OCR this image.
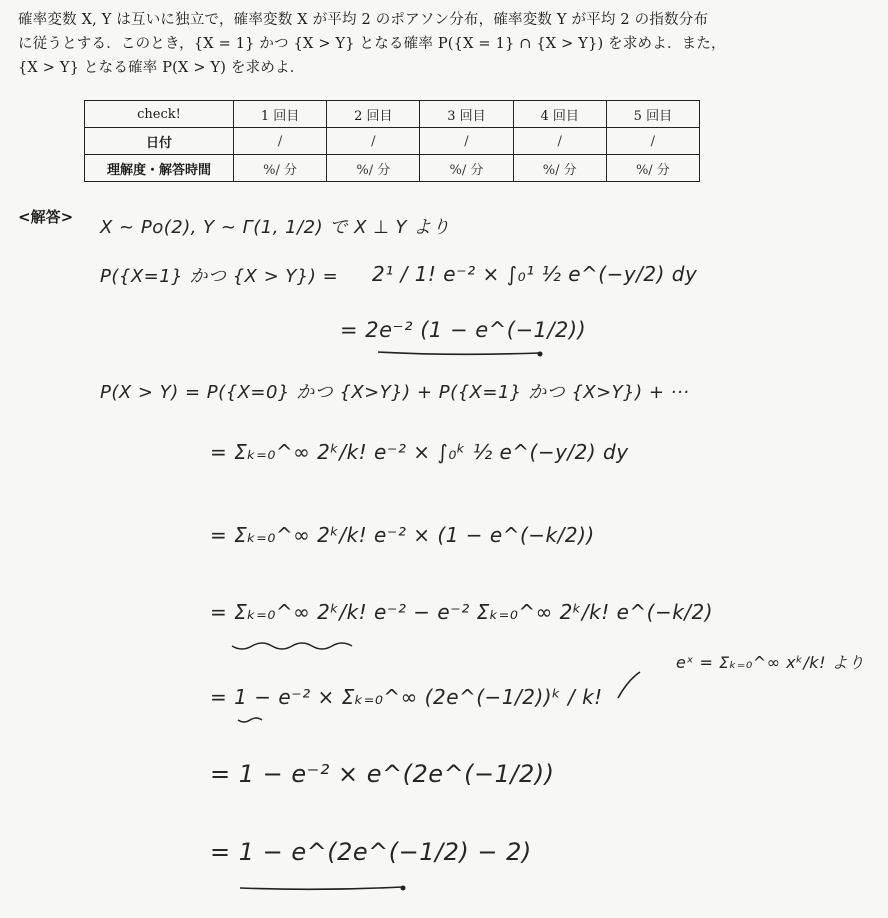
確率変数 X, Y は互いに独立で，確率変数 X が平均 2 のポアソン分布，確率変数 Y が平均 2 の指数分布
に従うとする．このとき，{X = 1} かつ {X > Y} となる確率 P({X = 1} ∩ {X > Y}) を求めよ．また，
{X > Y} となる確率 P(X > Y) を求めよ．
check!	1 回目	2 回目	3 回目	4 回目	5 回目
日付	/	/	/	/	/
理解度・解答時間	%/ 分	%/ 分	%/ 分	%/ 分	%/ 分
<解答> X ~ Po(2), Y ~ Γ(1, 1/2) で X ⊥ Y より
P({X=1} かつ {X > Y}) = 2¹ / 1! e⁻² × ∫₀¹ ½ e^(−y/2) dy
= 2e⁻² (1 − e^(−1/2))
P(X > Y) = P({X=0} かつ {X>Y}) + P({X=1} かつ {X>Y}) + ···
= Σₖ₌₀^∞ 2ᵏ/k! e⁻² × ∫₀ᵏ ½ e^(−y/2) dy
= Σₖ₌₀^∞ 2ᵏ/k! e⁻² × (1 − e^(−k/2))
= Σₖ₌₀^∞ 2ᵏ/k! e⁻² − e⁻² Σₖ₌₀^∞ 2ᵏ/k! e^(−k/2)
= 1 − e⁻² × Σₖ₌₀^∞ (2e^(−1/2))ᵏ / k!
= 1 − e⁻² × e^(2e^(−1/2))
= 1 − e^(2e^(−1/2) − 2)
eˣ = Σₖ₌₀^∞ xᵏ/k! より
